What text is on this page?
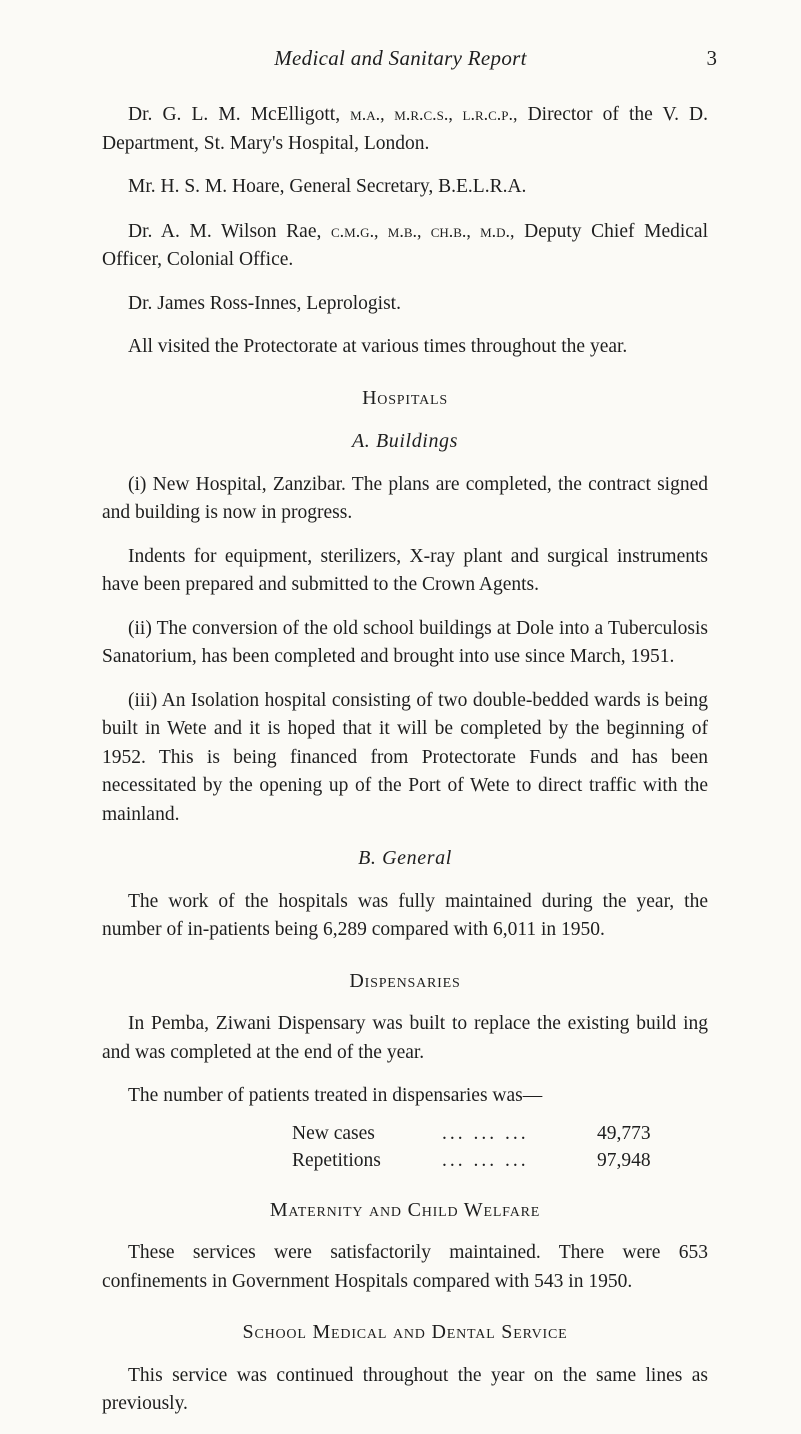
Medical and Sanitary Report	3

Dr. G. L. M. McElligott, m.a., m.r.c.s., l.r.c.p., Director of the V. D. Department, St. Mary's Hospital, London.

Mr. H. S. M. Hoare, General Secretary, B.E.L.R.A.

Dr. A. M. Wilson Rae, c.m.g., m.b., ch.b., m.d., Deputy Chief Medical Officer, Colonial Office.

Dr. James Ross-Innes, Leprologist.

All visited the Protectorate at various times throughout the year.

Hospitals
A. Buildings

(i) New Hospital, Zanzibar. The plans are completed, the contract signed and building is now in progress.

Indents for equipment, sterilizers, X-ray plant and surgical instruments have been prepared and submitted to the Crown Agents.

(ii) The conversion of the old school buildings at Dole into a Tuberculosis Sanatorium, has been completed and brought into use since March, 1951.

(iii) An Isolation hospital consisting of two double-bedded wards is being built in Wete and it is hoped that it will be completed by the beginning of 1952. This is being financed from Protectorate Funds and has been necessitated by the opening up of the Port of Wete to direct traffic with the mainland.

B. General

The work of the hospitals was fully maintained during the year, the number of in-patients being 6,289 compared with 6,011 in 1950.

Dispensaries

In Pemba, Ziwani Dispensary was built to replace the existing build ing and was completed at the end of the year.

The number of patients treated in dispensaries was—

New cases	... ... ...	49,773
Repetitions	... ... ...	97,948
Maternity and Child Welfare

These services were satisfactorily maintained. There were 653 confinements in Government Hospitals compared with 543 in 1950.

School Medical and Dental Service

This service was continued throughout the year on the same lines as previously.
